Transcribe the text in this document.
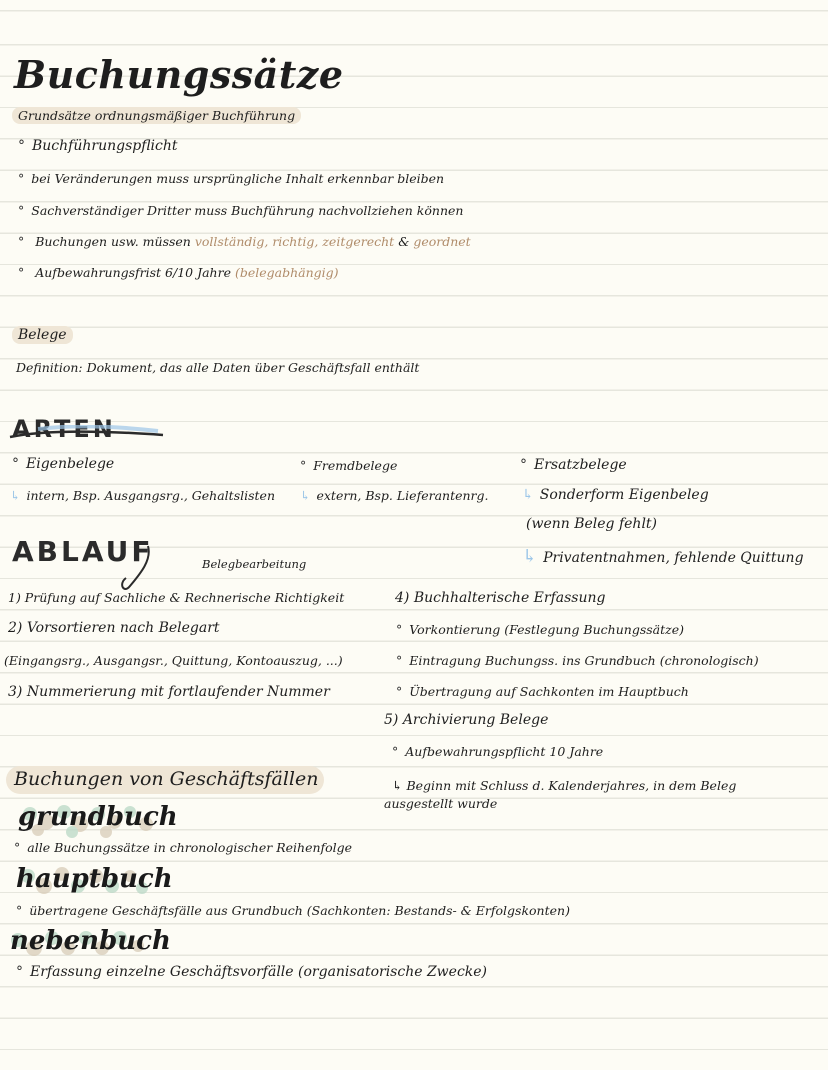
Buchungssätze
Grundsätze ordnungsmäßiger Buchführung
° Buchführungspflicht
° bei Veränderungen muss ursprüngliche Inhalt erkennbar bleiben
° Sachverständiger Dritter muss Buchführung nachvollziehen können
° Buchungen usw. müssen vollständig, richtig, zeitgerecht & geordnet
° Aufbewahrungsfrist 6/10 Jahre (belegabhängig)
Belege
Definition: Dokument, das alle Daten über Geschäftsfall enthält
ARTEN
° Eigenbelege
↳ intern, Bsp. Ausgangsrg., Gehaltslisten
° Fremdbelege
↳ extern, Bsp. Lieferantenrg.
° Ersatzbelege
↳ Sonderform Eigenbeleg
(wenn Beleg fehlt)
↳ Privatentnahmen, fehlende Quittung
ABLAUF	Belegbearbeitung
1) Prüfung auf Sachliche & Rechnerische Richtigkeit
2) Vorsortieren nach Belegart
(Eingangsrg., Ausgangsr., Quittung, Kontoauszug, ...)
3) Nummerierung mit fortlaufender Nummer
4) Buchhalterische Erfassung
° Vorkontierung (Festlegung Buchungssätze)
° Eintragung Buchungss. ins Grundbuch (chronologisch)
° Übertragung auf Sachkonten im Hauptbuch
5) Archivierung Belege
° Aufbewahrungspflicht 10 Jahre
↳ Beginn mit Schluss d. Kalenderjahres, in dem Beleg
ausgestellt wurde
Buchungen von Geschäftsfällen
grundbuch
° alle Buchungssätze in chronologischer Reihenfolge
hauptbuch
° übertragene Geschäftsfälle aus Grundbuch (Sachkonten: Bestands- & Erfolgskonten)
nebenbuch
° Erfassung einzelne Geschäftsvorfälle (organisatorische Zwecke)
